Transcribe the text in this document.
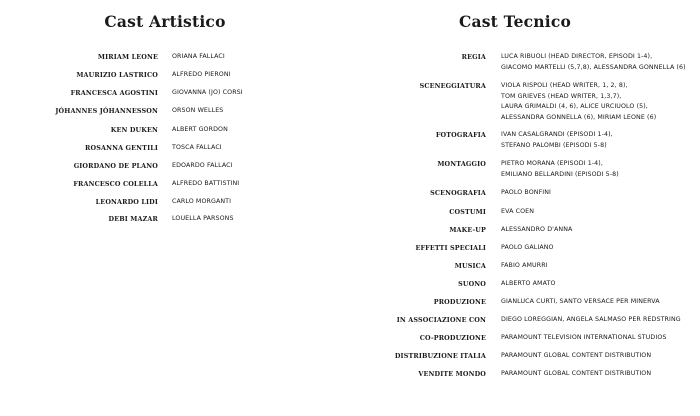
Cast Artistico
MIRIAM LEONE ORIANA FALLACI
MAURIZIO LASTRICO ALFREDO PIERONI
FRANCESCA AGOSTINI GIOVANNA (JO) CORSI
JÓHANNES JÓHANNESSON ORSON WELLES
KEN DUKEN ALBERT GORDON
ROSANNA GENTILI TOSCA FALLACI
GIORDANO DE PLANO EDOARDO FALLACI
FRANCESCO COLELLA ALFREDO BATTISTINI
LEONARDO LIDI CARLO MORGANTI
DEBI MAZAR LOUELLA PARSONS
Cast Tecnico
REGIA LUCA RIBUOLI (HEAD DIRECTOR, EPISODI 1-4),
GIACOMO MARTELLI (5,7,8), ALESSANDRA GONNELLA (6)
SCENEGGIATURA VIOLA RISPOLI (HEAD WRITER, 1, 2, 8),
TOM GRIEVES (HEAD WRITER, 1,3,7),
LAURA GRIMALDI (4, 6), ALICE URCIUOLO (5),
ALESSANDRA GONNELLA (6), MIRIAM LEONE (6)
FOTOGRAFIA IVAN CASALGRANDI (EPISODI 1-4),
STEFANO PALOMBI (EPISODI 5-8)
MONTAGGIO PIETRO MORANA (EPISODI 1-4),
EMILIANO BELLARDINI (EPISODI 5-8)
SCENOGRAFIA PAOLO BONFINI
COSTUMI EVA COEN
MAKE-UP ALESSANDRO D'ANNA
EFFETTI SPECIALI PAOLO GALIANO
MUSICA FABIO AMURRI
SUONO ALBERTO AMATO
PRODUZIONE GIANLUCA CURTI, SANTO VERSACE PER MINERVA
IN ASSOCIAZIONE CON DIEGO LOREGGIAN, ANGELA SALMASO PER REDSTRING
CO-PRODUZIONE PARAMOUNT TELEVISION INTERNATIONAL STUDIOS
DISTRIBUZIONE ITALIA PARAMOUNT GLOBAL CONTENT DISTRIBUTION
VENDITE MONDO PARAMOUNT GLOBAL CONTENT DISTRIBUTION
